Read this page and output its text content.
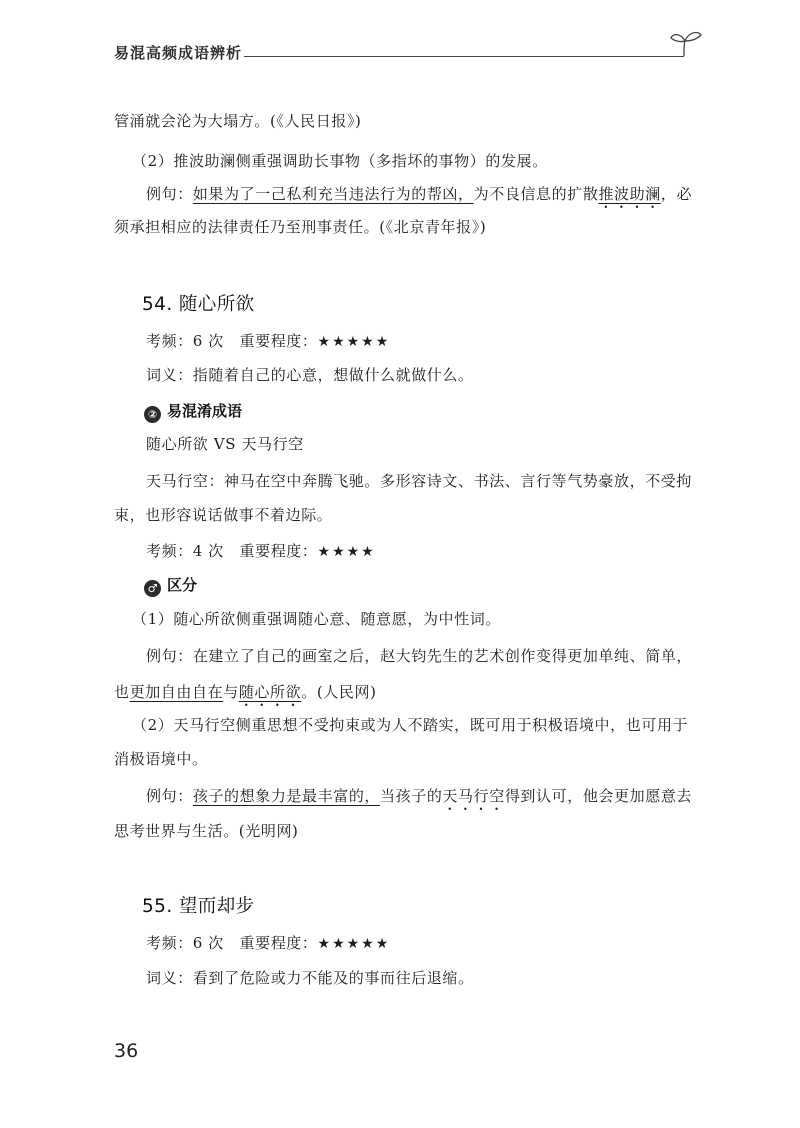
易混高频成语辨析
管涌就会沦为大塌方。(《人民日报》)
（2）推波助澜侧重强调助长事物（多指坏的事物）的发展。
例句：如果为了一己私利充当违法行为的帮凶，为不良信息的扩散推波助澜，必
须承担相应的法律责任乃至刑事责任。(《北京青年报》)
54. 随心所欲
考频：6 次　重要程度：★★★★★
词义：指随着自己的心意，想做什么就做什么。
② 易混淆成语
随心所欲 VS 天马行空
天马行空：神马在空中奔腾飞驰。多形容诗文、书法、言行等气势豪放，不受拘
束，也形容说话做事不着边际。
考频：4 次　重要程度：★★★★
♂ 区分
（1）随心所欲侧重强调随心意、随意愿，为中性词。
例句：在建立了自己的画室之后，赵大钧先生的艺术创作变得更加单纯、简单，
也更加自由自在与随心所欲。(人民网)
（2）天马行空侧重思想不受拘束或为人不踏实，既可用于积极语境中，也可用于
消极语境中。
例句：孩子的想象力是最丰富的，当孩子的天马行空得到认可，他会更加愿意去
思考世界与生活。(光明网)
55. 望而却步
考频：6 次　重要程度：★★★★★
词义：看到了危险或力不能及的事而往后退缩。
36
